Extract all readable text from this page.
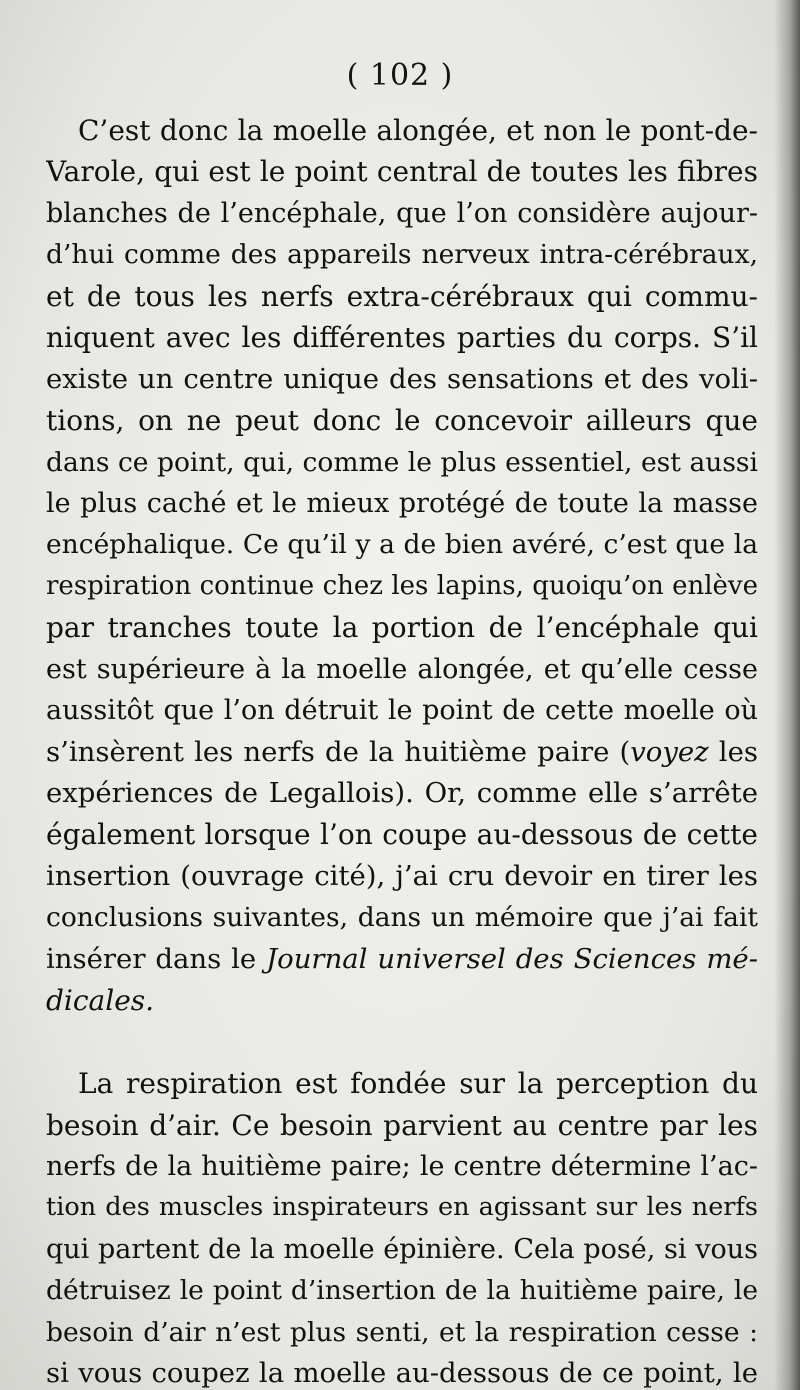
( 102 )
C’est donc la moelle alongée, et non le pont-de-
Varole, qui est le point central de toutes les fibres
blanches de l’encéphale, que l’on considère aujour-
d’hui comme des appareils nerveux intra-cérébraux,
et de tous les nerfs extra-cérébraux qui commu-
niquent avec les différentes parties du corps. S’il
existe un centre unique des sensations et des voli-
tions, on ne peut donc le concevoir ailleurs que
dans ce point, qui, comme le plus essentiel, est aussi
le plus caché et le mieux protégé de toute la masse
encéphalique. Ce qu’il y a de bien avéré, c’est que la
respiration continue chez les lapins, quoiqu’on enlève
par tranches toute la portion de l’encéphale qui
est supérieure à la moelle alongée, et qu’elle cesse
aussitôt que l’on détruit le point de cette moelle où
s’insèrent les nerfs de la huitième paire (voyez les
expériences de Legallois). Or, comme elle s’arrête
également lorsque l’on coupe au-dessous de cette
insertion (ouvrage cité), j’ai cru devoir en tirer les
conclusions suivantes, dans un mémoire que j’ai fait
insérer dans le Journal universel des Sciences mé-
dicales.
La respiration est fondée sur la perception du
besoin d’air. Ce besoin parvient au centre par les
nerfs de la huitième paire; le centre détermine l’ac-
tion des muscles inspirateurs en agissant sur les nerfs
qui partent de la moelle épinière. Cela posé, si vous
détruisez le point d’insertion de la huitième paire, le
besoin d’air n’est plus senti, et la respiration cesse :
si vous coupez la moelle au-dessous de ce point, le
